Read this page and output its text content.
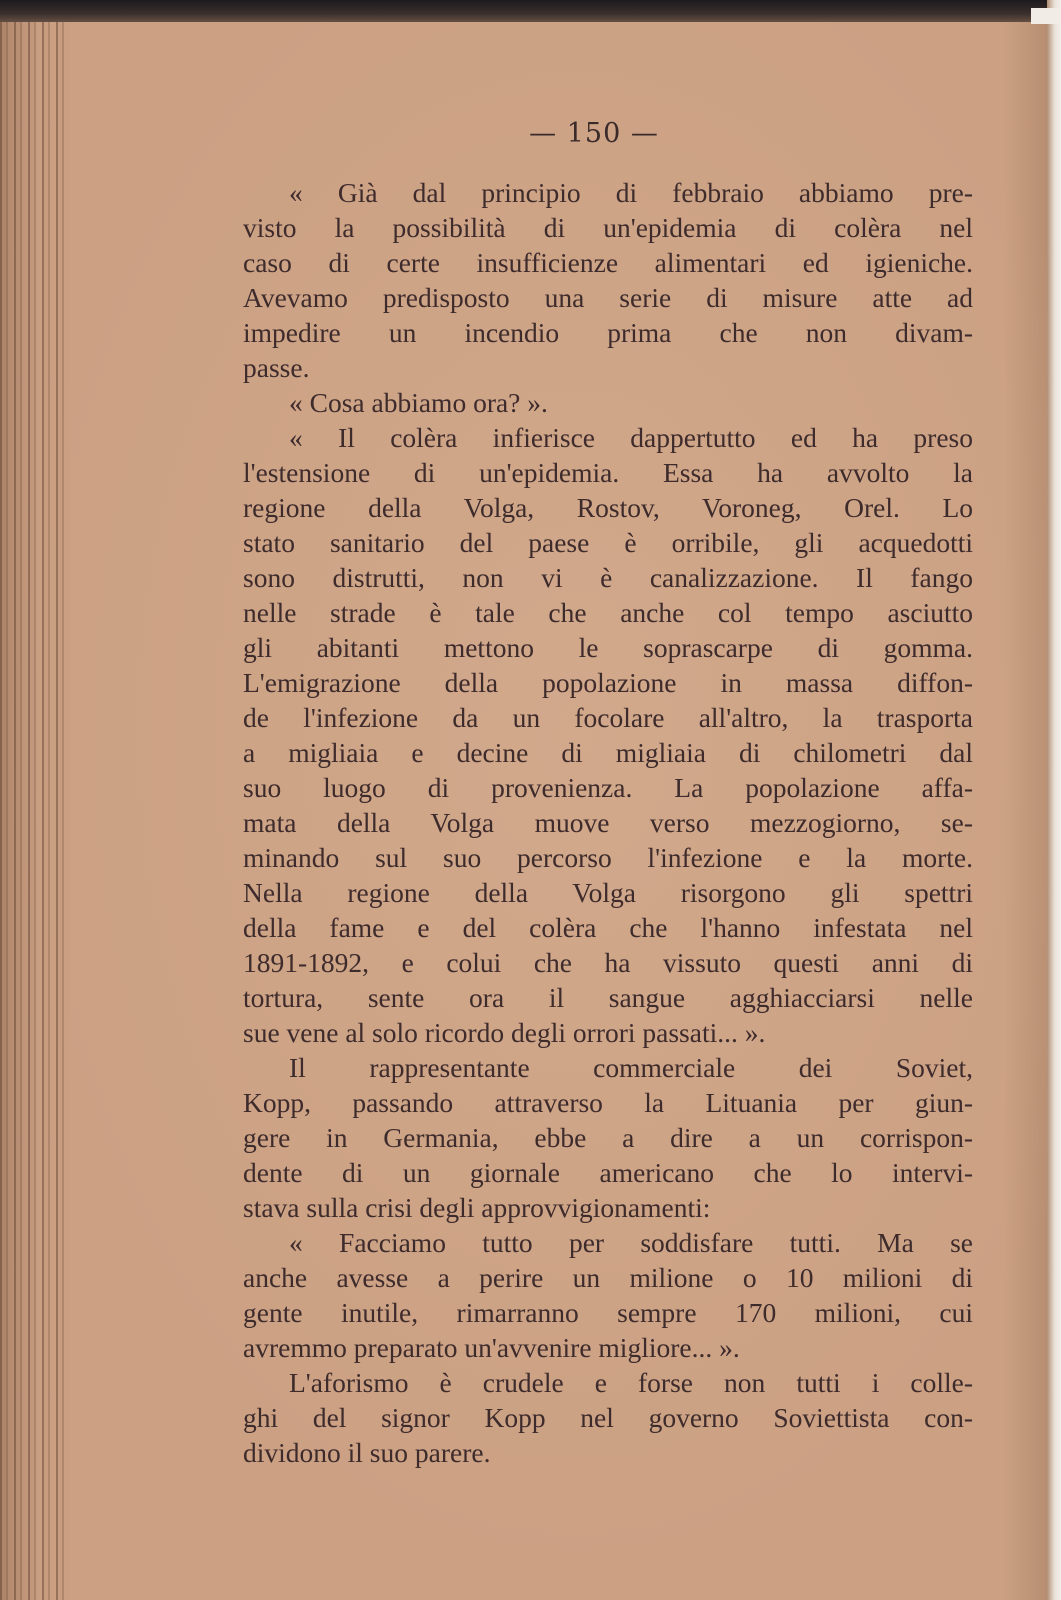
— 150 —
« Già dal principio di febbraio abbiamo pre-
visto la possibilità di un'epidemia di colèra nel
caso di certe insufficienze alimentari ed igieniche.
Avevamo predisposto una serie di misure atte ad
impedire un incendio prima che non divam-
passe.
« Cosa abbiamo ora? ».
« Il colèra infierisce dappertutto ed ha preso
l'estensione di un'epidemia. Essa ha avvolto la
regione della Volga, Rostov, Voroneg, Orel. Lo
stato sanitario del paese è orribile, gli acquedotti
sono distrutti, non vi è canalizzazione. Il fango
nelle strade è tale che anche col tempo asciutto
gli abitanti mettono le soprascarpe di gomma.
L'emigrazione della popolazione in massa diffon-
de l'infezione da un focolare all'altro, la trasporta
a migliaia e decine di migliaia di chilometri dal
suo luogo di provenienza. La popolazione affa-
mata della Volga muove verso mezzogiorno, se-
minando sul suo percorso l'infezione e la morte.
Nella regione della Volga risorgono gli spettri
della fame e del colèra che l'hanno infestata nel
1891-1892, e colui che ha vissuto questi anni di
tortura, sente ora il sangue agghiacciarsi nelle
sue vene al solo ricordo degli orrori passati... ».
Il rappresentante commerciale dei Soviet,
Kopp, passando attraverso la Lituania per giun-
gere in Germania, ebbe a dire a un corrispon-
dente di un giornale americano che lo intervi-
stava sulla crisi degli approvvigionamenti:
« Facciamo tutto per soddisfare tutti. Ma se
anche avesse a perire un milione o 10 milioni di
gente inutile, rimarranno sempre 170 milioni, cui
avremmo preparato un'avvenire migliore... ».
L'aforismo è crudele e forse non tutti i colle-
ghi del signor Kopp nel governo Soviettista con-
dividono il suo parere.
